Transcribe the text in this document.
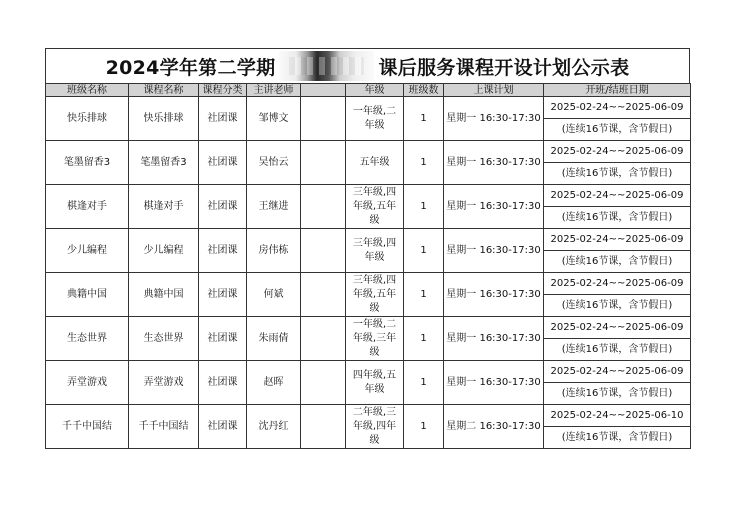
2024学年第二学期	课后服务课程开设计划公示表
班级名称	课程名称	课程分类	主讲老师		年级	班级数	上课计划	开班/结班日期
快乐排球	快乐排球	社团课	邹博文		一年级,二年级	1	星期一 16:30-17:30	2025-02-24~~2025-06-09
(连续16节课，含节假日)

笔墨留香3	笔墨留香3	社团课	吴怡云		五年级	1	星期一 16:30-17:30	2025-02-24~~2025-06-09
(连续16节课，含节假日)

棋逢对手	棋逢对手	社团课	王继进		三年级,四年级,五年级	1	星期一 16:30-17:30	2025-02-24~~2025-06-09
(连续16节课，含节假日)

少儿编程	少儿编程	社团课	房伟栋		三年级,四年级	1	星期一 16:30-17:30	2025-02-24~~2025-06-09
(连续16节课，含节假日)

典籍中国	典籍中国	社团课	何斌		三年级,四年级,五年级	1	星期一 16:30-17:30	2025-02-24~~2025-06-09
(连续16节课，含节假日)

生态世界	生态世界	社团课	朱雨倩		一年级,二年级,三年级	1	星期一 16:30-17:30	2025-02-24~~2025-06-09
(连续16节课，含节假日)

弄堂游戏	弄堂游戏	社团课	赵晖		四年级,五年级	1	星期一 16:30-17:30	2025-02-24~~2025-06-09
(连续16节课，含节假日)

千千中国结	千千中国结	社团课	沈丹红		二年级,三年级,四年级	1	星期二 16:30-17:30	2025-02-24~~2025-06-10
(连续16节课，含节假日)
